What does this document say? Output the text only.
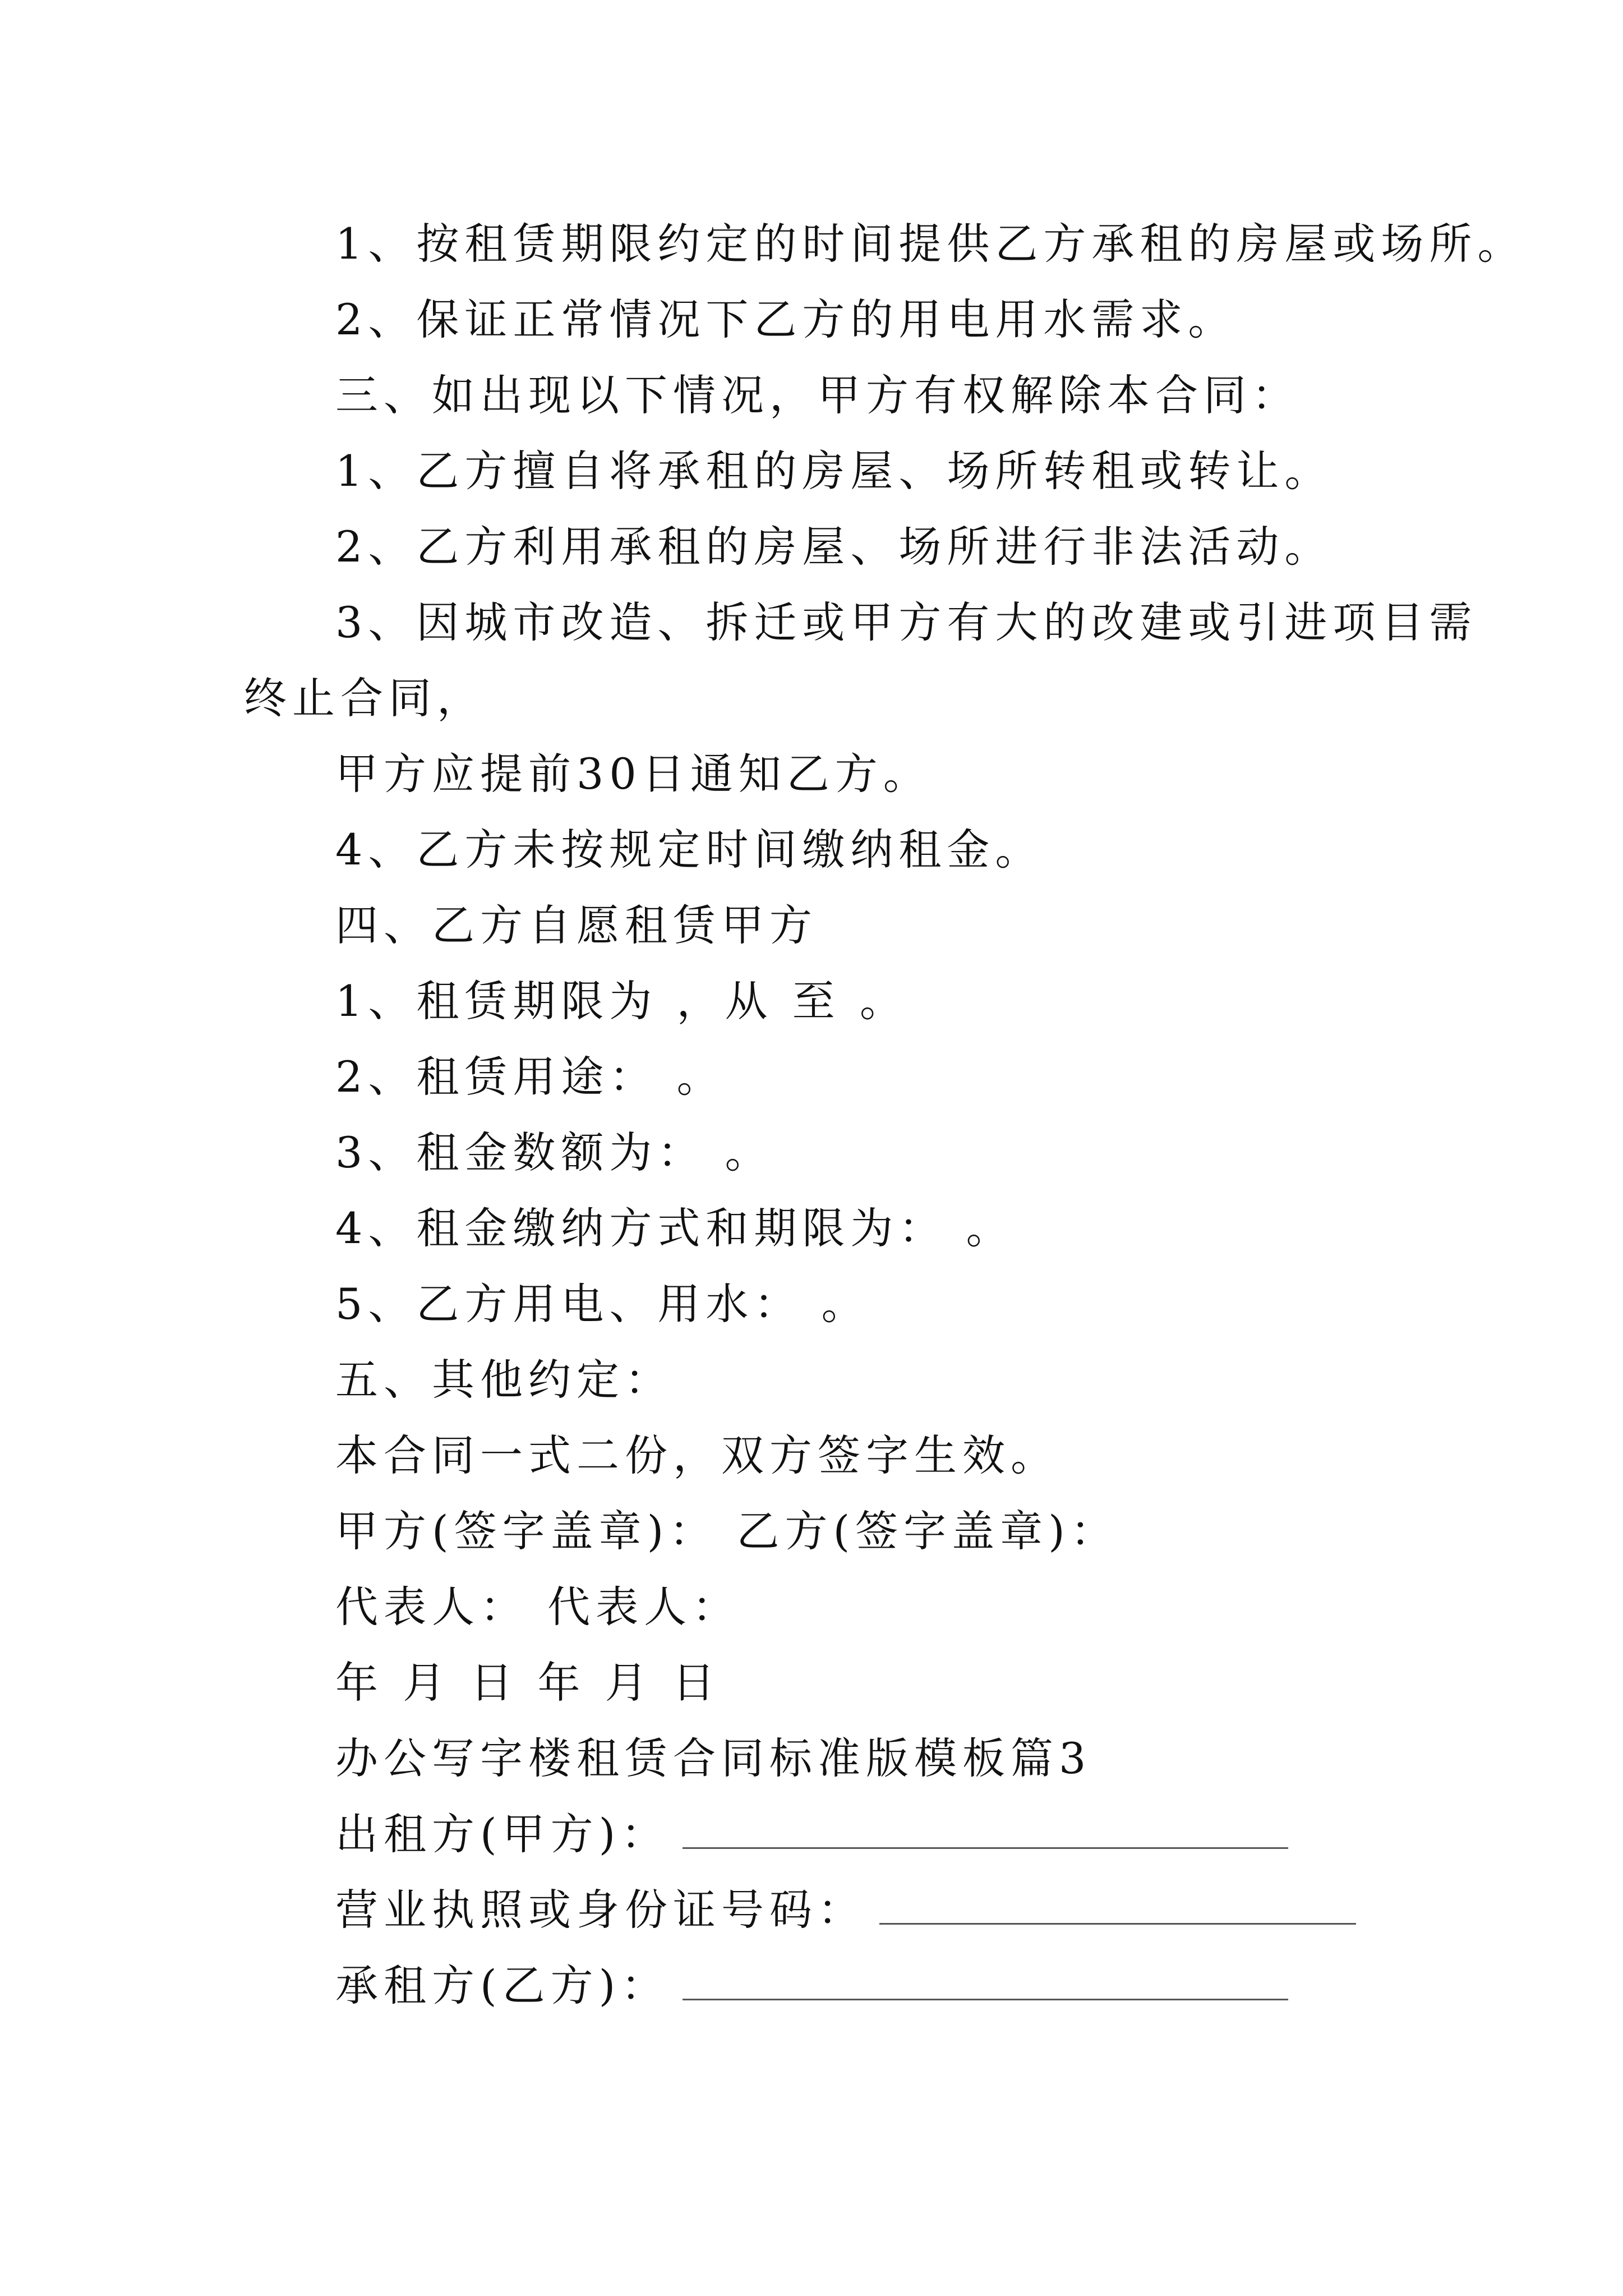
1、按租赁期限约定的时间提供乙方承租的房屋或场所。

2、保证正常情况下乙方的用电用水需求。

三、如出现以下情况，甲方有权解除本合同：

1、乙方擅自将承租的房屋、场所转租或转让。

2、乙方利用承租的房屋、场所进行非法活动。

3、因城市改造、拆迁或甲方有大的改建或引进项目需

终止合同，

甲方应提前30日通知乙方。

4、乙方未按规定时间缴纳租金。

四、乙方自愿租赁甲方

1、租赁期限为 ，从 至 。

2、租赁用途： 。

3、租金数额为： 。

4、租金缴纳方式和期限为： 。

5、乙方用电、用水： 。

五、其他约定：

本合同一式二份，双方签字生效。

甲方(签字盖章)： 乙方(签字盖章)：

代表人： 代表人：

年 月 日 年 月 日

办公写字楼租赁合同标准版模板篇3

出租方(甲方)：

营业执照或身份证号码：

承租方(乙方)：
